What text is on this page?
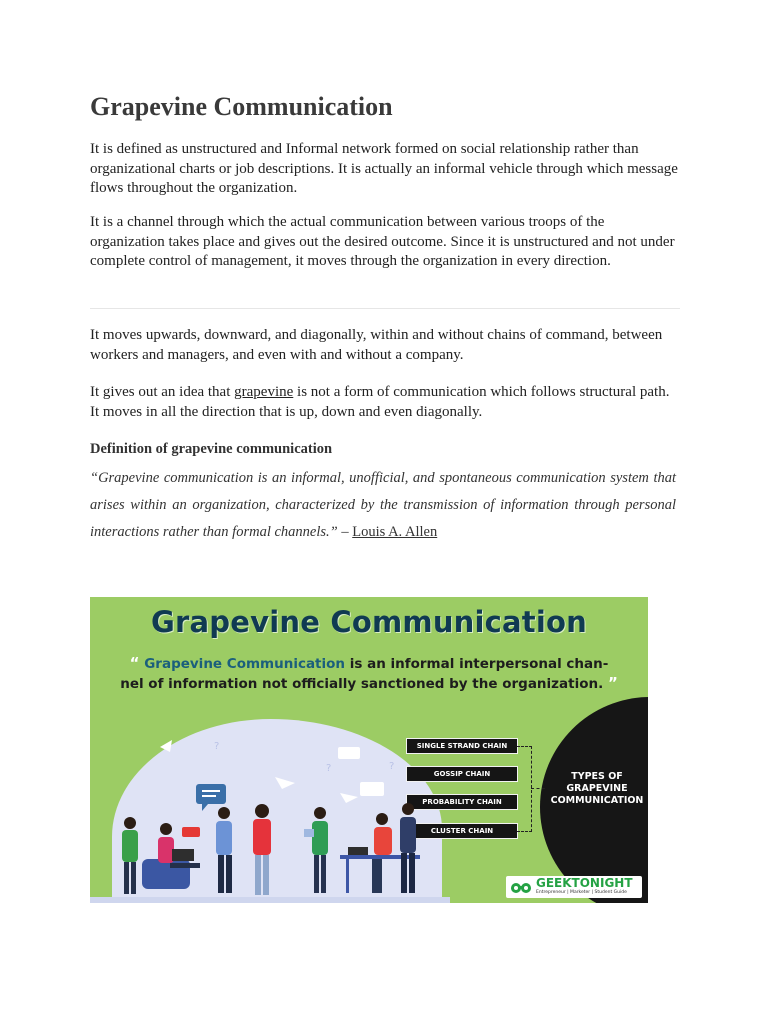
Grapevine Communication

It is defined as unstructured and Informal network formed on social relationship rather than organizational charts or job descriptions. It is actually an informal vehicle through which message flows throughout the organization.

It is a channel through which the actual communication between various troops of the organization takes place and gives out the desired outcome. Since it is unstructured and not under complete control of management, it moves through the organization in every direction.

It moves upwards, downward, and diagonally, within and without chains of command, between workers and managers, and even with and without a company.

It gives out an idea that grapevine is not a form of communication which follows structural path. It moves in all the direction that is up, down and even diagonally.

Definition of grapevine communication

“Grapevine communication is an informal, unofficial, and spontaneous communication system that arises within an organization, characterized by the transmission of information through personal interactions rather than formal channels.” – Louis A. Allen

Grapevine Communication
“ Grapevine Communication is an informal interpersonal chan- nel of information not officially sanctioned by the organization. ”
SINGLE STRAND CHAIN
GOSSIP CHAIN
PROBABILITY CHAIN
CLUSTER CHAIN
TYPES OF GRAPEVINE COMMUNICATION
?
?	?
GEEKTONIGHT
Entrepreneur | Marketer | Student Guide
